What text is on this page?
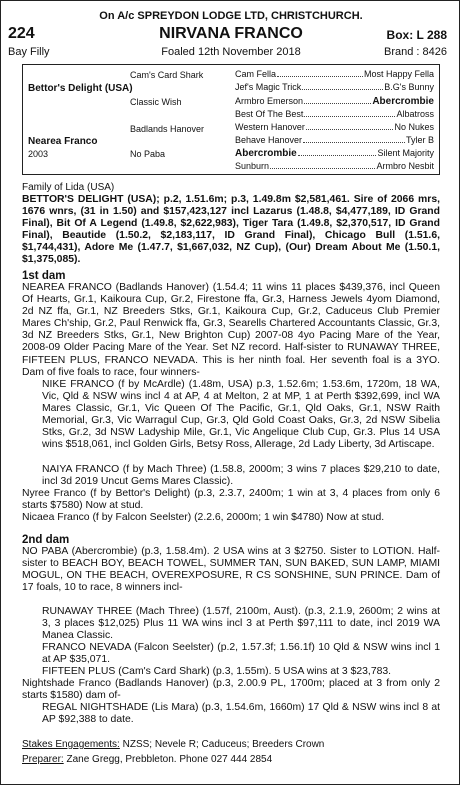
On A/c SPREYDON LODGE LTD, CHRISTCHURCH.
224	NIRVANA FRANCO	Box: L 288
Bay Filly	Foaled 12th November 2018	Brand : 8426
Cam's Card Shark
Bettor's Delight (USA)
Classic Wish
Badlands Hanover
Nearea Franco
2003	No Paba
Cam Fella	Most Happy Fella
Jef's Magic Trick	B.G's Bunny
Armbro Emerson	Abercrombie
Best Of The Best	Albatross
Western Hanover	No Nukes
Behave Hanover	Tyler B
Abercrombie	Silent Majority
Sunburn	Armbro Nesbit
Family of Lida (USA)
BETTOR'S DELIGHT (USA); p.2, 1.51.6m; p.3, 1.49.8m $2,581,461. Sire of 2066 mrs, 1676 wnrs, (31 in 1.50) and $157,423,127 incl Lazarus (1.48.8, $4,477,189, ID Grand Final), Bit Of A Legend (1.49.8, $2,622,983), Tiger Tara (1.49.8, $2,370,517, ID Grand Final), Beautide (1.50.2, $2,183,117, ID Grand Final), Chicago Bull (1.51.6, $1,744,431), Adore Me (1.47.7, $1,667,032, NZ Cup), (Our) Dream About Me (1.50.1, $1,375,085).
1st dam
NEAREA FRANCO (Badlands Hanover) (1.54.4; 11 wins 11 places $439,376, incl Queen Of Hearts, Gr.1, Kaikoura Cup, Gr.2, Firestone ffa, Gr.3, Harness Jewels 4yom Diamond, 2d NZ ffa, Gr.1, NZ Breeders Stks, Gr.1, Kaikoura Cup, Gr.2, Caduceus Club Premier Mares Ch'ship, Gr.2, Paul Renwick ffa, Gr.3, Searells Chartered Accountants Classic, Gr.3, 3d NZ Breeders Stks, Gr.1, New Brighton Cup) 2007-08 4yo Pacing Mare of the Year, 2008-09 Older Pacing Mare of the Year. Set NZ record. Half-sister to RUNAWAY THREE, FIFTEEN PLUS, FRANCO NEVADA. This is her ninth foal. Her seventh foal is a 3YO. Dam of five foals to race, four winners-
NIKE FRANCO (f by McArdle) (1.48m, USA) p.3, 1.52.6m; 1.53.6m, 1720m, 18 WA, Vic, Qld & NSW wins incl 4 at AP, 4 at Melton, 2 at MP, 1 at Perth $392,699, incl WA Mares Classic, Gr.1, Vic Queen Of The Pacific, Gr.1, Qld Oaks, Gr.1, NSW Raith Memorial, Gr.3, Vic Warragul Cup, Gr.3, Qld Gold Coast Oaks, Gr.3, 2d NSW Sibelia Stks, Gr.2, 3d NSW Ladyship Mile, Gr.1, Vic Angelique Club Cup, Gr.3. Plus 14 USA wins $518,061, incl Golden Girls, Betsy Ross, Allerage, 2d Lady Liberty, 3d Artiscape.
NAIYA FRANCO (f by Mach Three) (1.58.8, 2000m; 3 wins 7 places $29,210 to date, incl 3d 2019 Uncut Gems Mares Classic).
Nyree Franco (f by Bettor's Delight) (p.3, 2.3.7, 2400m; 1 win at 3, 4 places from only 6 starts $7580) Now at stud.
Nicaea Franco (f by Falcon Seelster) (2.2.6, 2000m; 1 win $4780) Now at stud.
2nd dam
NO PABA (Abercrombie) (p.3, 1.58.4m). 2 USA wins at 3 $2750. Sister to LOTION. Half-sister to BEACH BOY, BEACH TOWEL, SUMMER TAN, SUN BAKED, SUN LAMP, MIAMI MOGUL, ON THE BEACH, OVEREXPOSURE, R CS SONSHINE, SUN PRINCE. Dam of 17 foals, 10 to race, 8 winners incl-
RUNAWAY THREE (Mach Three) (1.57f, 2100m, Aust). (p.3, 2.1.9, 2600m; 2 wins at 3, 3 places $12,025) Plus 11 WA wins incl 3 at Perth $97,111 to date, incl 2019 WA Manea Classic.
FRANCO NEVADA (Falcon Seelster) (p.2, 1.57.3f; 1.56.1f) 10 Qld & NSW wins incl 1 at AP $35,071.
FIFTEEN PLUS (Cam's Card Shark) (p.3, 1.55m). 5 USA wins at 3 $23,783.
Nightshade Franco (Badlands Hanover) (p.3, 2.00.9 PL, 1700m; placed at 3 from only 2 starts $1580) dam of-
REGAL NIGHTSHADE (Lis Mara) (p.3, 1.54.6m, 1660m) 17 Qld & NSW wins incl 8 at AP $92,388 to date.
Stakes Engagements: NZSS; Nevele R; Caduceus; Breeders Crown
Preparer: Zane Gregg, Prebbleton. Phone 027 444 2854
